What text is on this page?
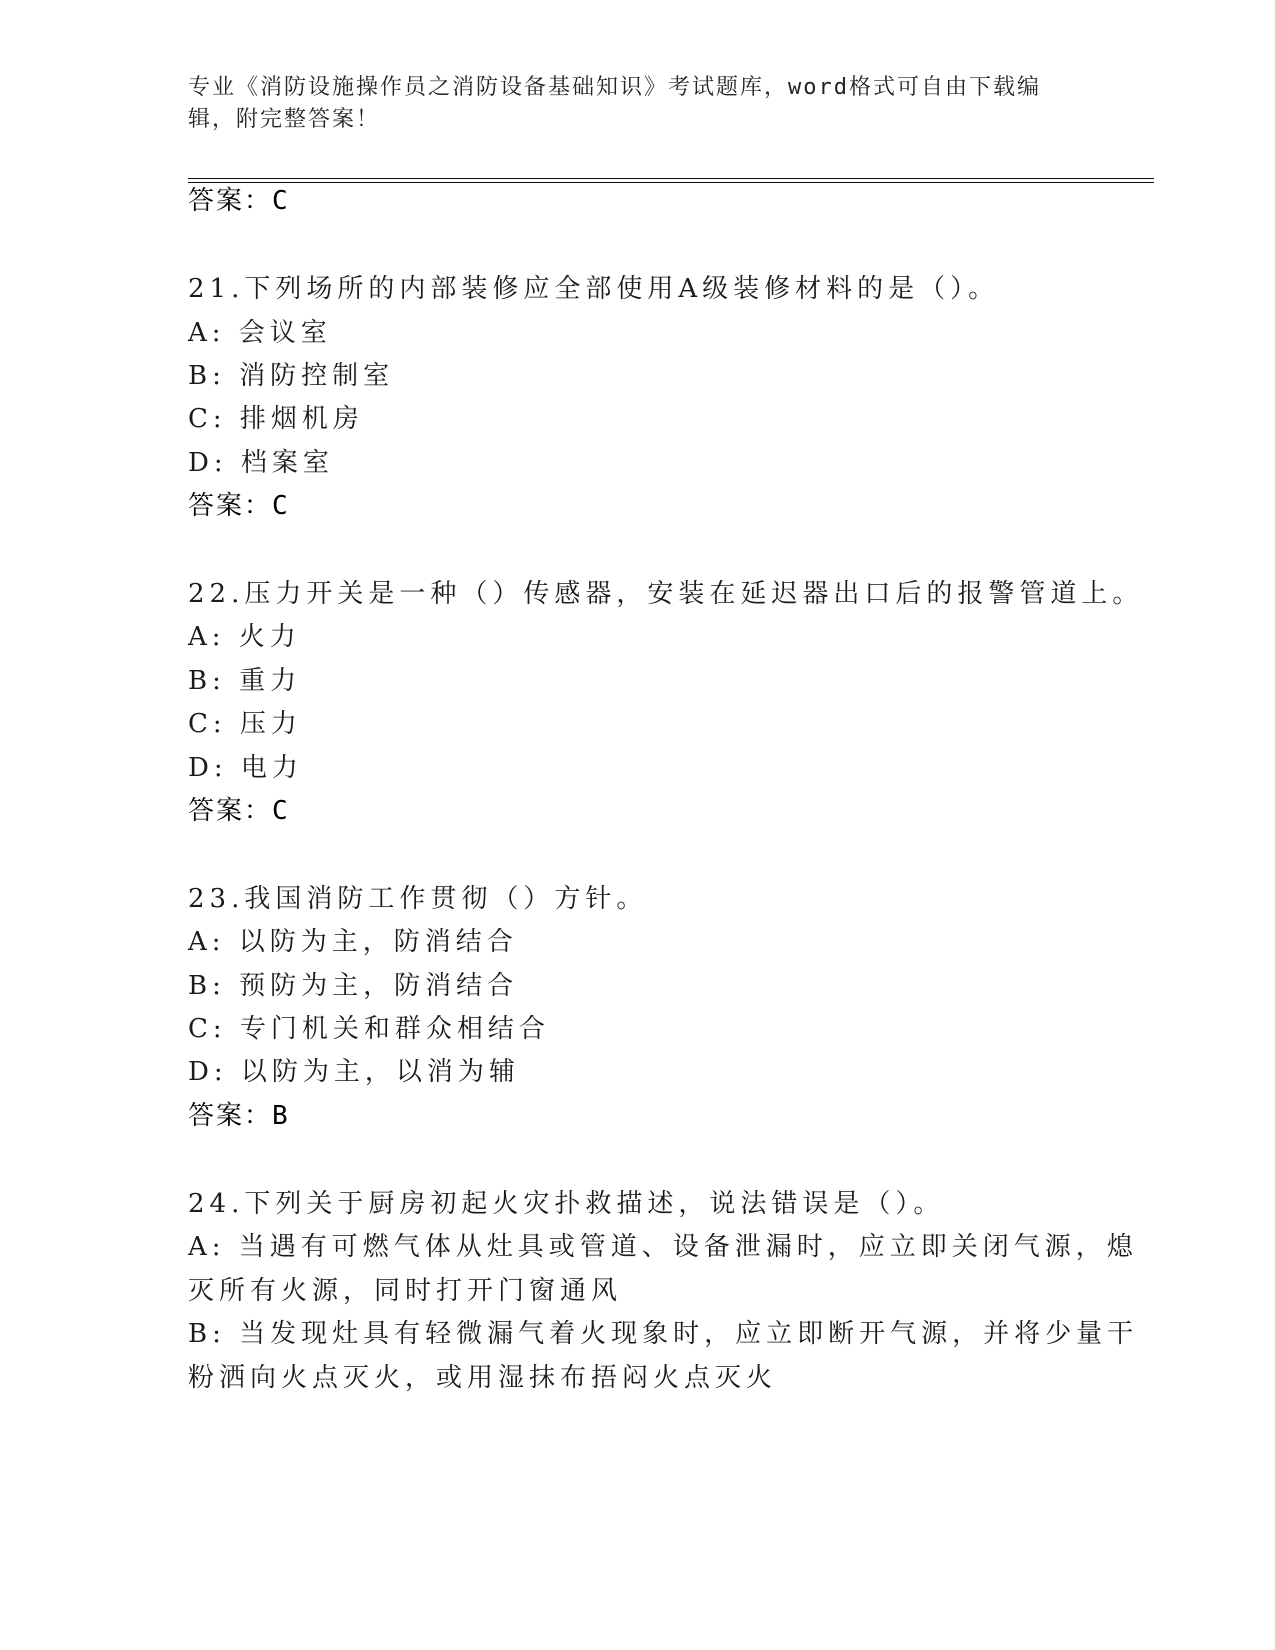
专业《消防设施操作员之消防设备基础知识》考试题库，word格式可自由下载编
辑，附完整答案！
答案：C
21.下列场所的内部装修应全部使用A级装修材料的是（）。
A: 会议室
B: 消防控制室
C: 排烟机房
D: 档案室
答案：C
22.压力开关是一种（）传感器，安装在延迟器出口后的报警管道上。
A: 火力
B: 重力
C: 压力
D: 电力
答案：C
23.我国消防工作贯彻（）方针。
A: 以防为主，防消结合
B: 预防为主，防消结合
C: 专门机关和群众相结合
D: 以防为主，以消为辅
答案：B
24.下列关于厨房初起火灾扑救描述，说法错误是（）。
A: 当遇有可燃气体从灶具或管道、设备泄漏时，应立即关闭气源，熄
灭所有火源，同时打开门窗通风
B: 当发现灶具有轻微漏气着火现象时，应立即断开气源，并将少量干
粉洒向火点灭火，或用湿抹布捂闷火点灭火
